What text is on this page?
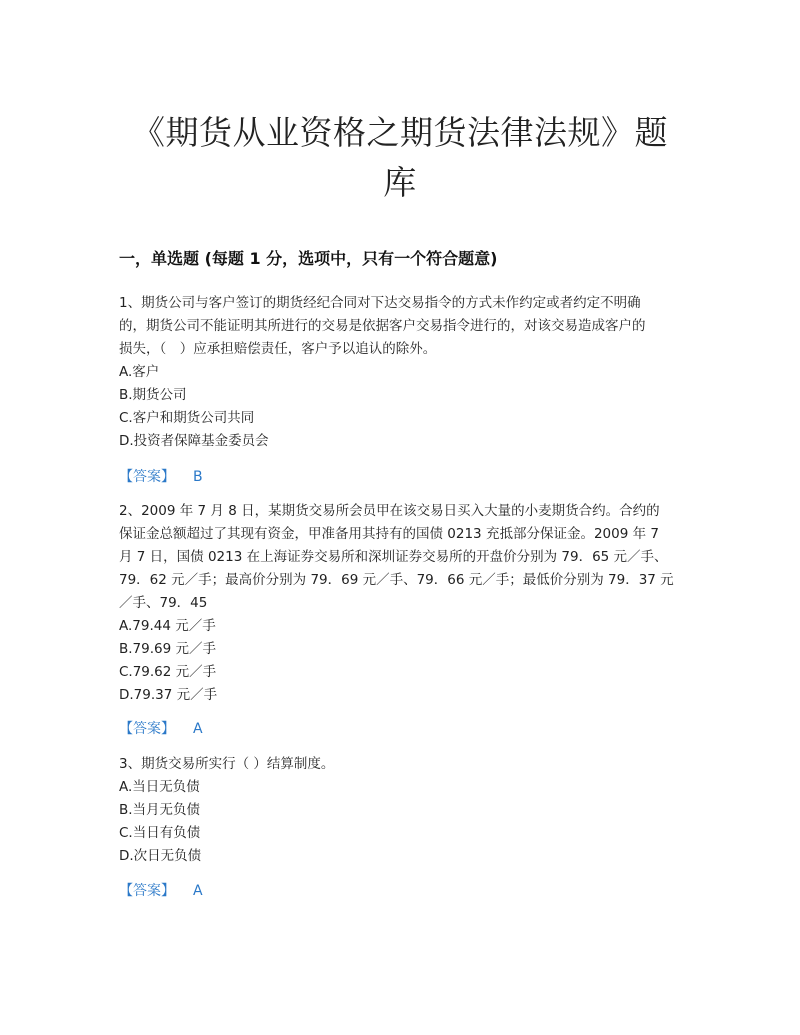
《期货从业资格之期货法律法规》题
库
一，单选题 (每题 1 分，选项中，只有一个符合题意)

1、期货公司与客户签订的期货经纪合同对下达交易指令的方式未作约定或者约定不明确

的，期货公司不能证明其所进行的交易是依据客户交易指令进行的，对该交易造成客户的

损失，（　）应承担赔偿责任，客户予以追认的除外。

A.客户

B.期货公司

C.客户和期货公司共同

D.投资者保障基金委员会

【答案】 B

2、2009 年 7 月 8 日，某期货交易所会员甲在该交易日买入大量的小麦期货合约。合约的

保证金总额超过了其现有资金，甲准备用其持有的国债 0213 充抵部分保证金。2009 年 7

月 7 日，国债 0213 在上海证券交易所和深圳证券交易所的开盘价分别为 79．65 元／手、

79．62 元／手；最高价分别为 79．69 元／手、79．66 元／手；最低价分别为 79．37 元

／手、79．45

A.79.44 元／手

B.79.69 元／手

C.79.62 元／手

D.79.37 元／手

【答案】 A

3、期货交易所实行（ ）结算制度。

A.当日无负债

B.当月无负债

C.当日有负债

D.次日无负债

【答案】 A
